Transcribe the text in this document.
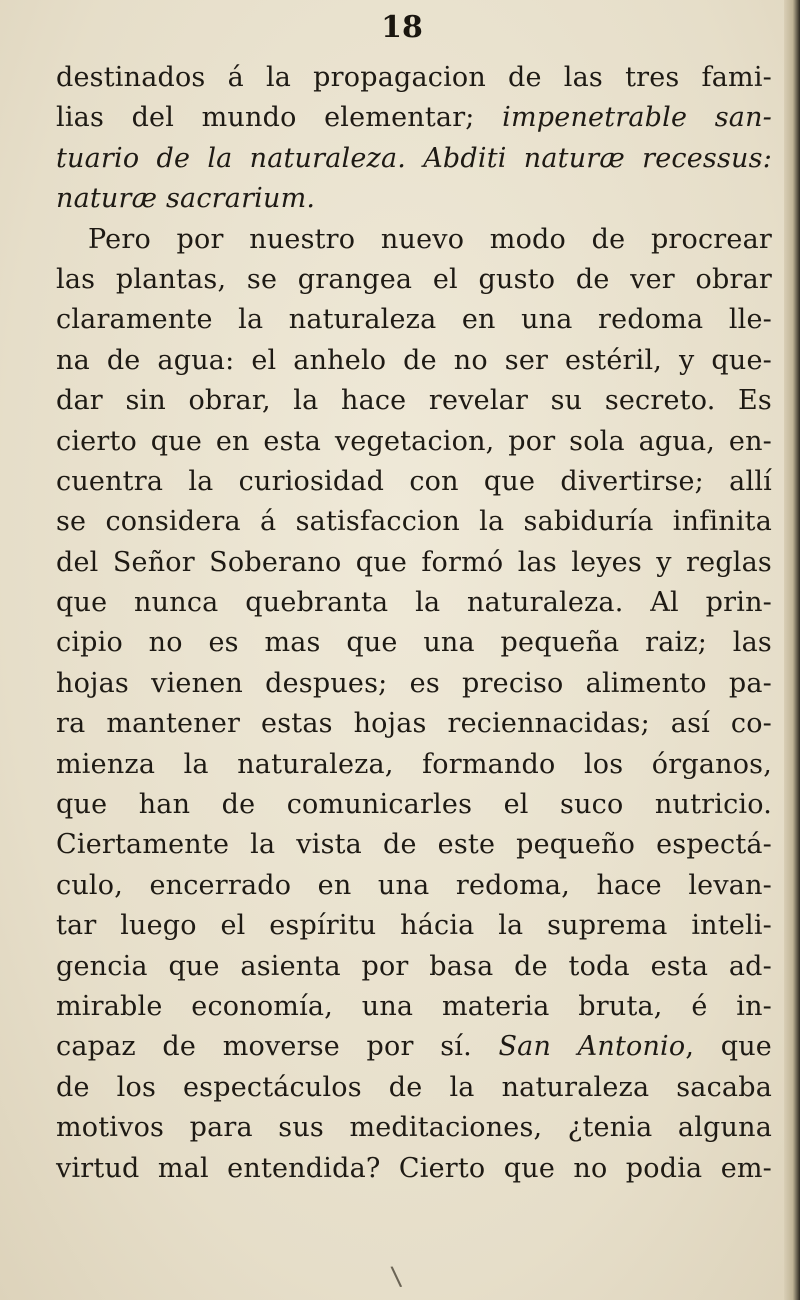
18
destinados á la propagacion de las tres fami-
lias del mundo elementar; impenetrable san-
tuario de la naturaleza. Abditi naturæ recessus:
naturæ sacrarium.
Pero por nuestro nuevo modo de procrear
las plantas, se grangea el gusto de ver obrar
claramente la naturaleza en una redoma lle-
na de agua: el anhelo de no ser estéril, y que-
dar sin obrar, la hace revelar su secreto. Es
cierto que en esta vegetacion, por sola agua, en-
cuentra la curiosidad con que divertirse; allí
se considera á satisfaccion la sabiduría infinita
del Señor Soberano que formó las leyes y reglas
que nunca quebranta la naturaleza. Al prin-
cipio no es mas que una pequeña raiz; las
hojas vienen despues; es preciso alimento pa-
ra mantener estas hojas reciennacidas; así co-
mienza la naturaleza, formando los órganos,
que han de comunicarles el suco nutricio.
Ciertamente la vista de este pequeño espectá-
culo, encerrado en una redoma, hace levan-
tar luego el espíritu hácia la suprema inteli-
gencia que asienta por basa de toda esta ad-
mirable economía, una materia bruta, é in-
capaz de moverse por sí. San Antonio, que
de los espectáculos de la naturaleza sacaba
motivos para sus meditaciones, ¿tenia alguna
virtud mal entendida? Cierto que no podia em-
\
